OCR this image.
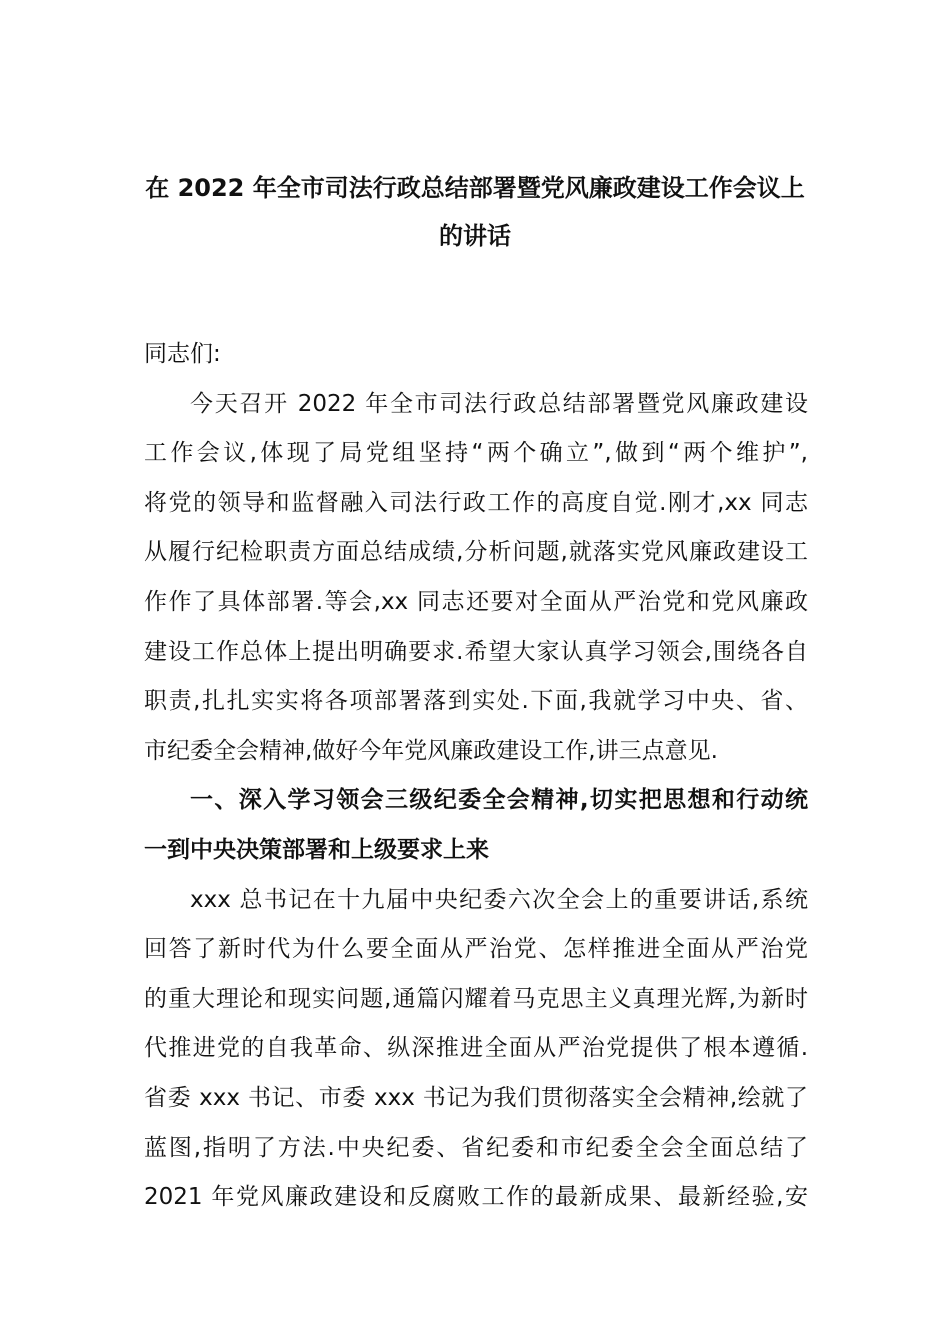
在 2022 年全市司法行政总结部署暨党风廉政建设工作会议上
的讲话
同志们:
今天召开 2022 年全市司法行政总结部署暨党风廉政建设
工作会议,体现了局党组坚持“两个确立”,做到“两个维护”,
将党的领导和监督融入司法行政工作的高度自觉.刚才,xx 同志
从履行纪检职责方面总结成绩,分析问题,就落实党风廉政建设工
作作了具体部署.等会,xx 同志还要对全面从严治党和党风廉政
建设工作总体上提出明确要求.希望大家认真学习领会,围绕各自
职责,扎扎实实将各项部署落到实处.下面,我就学习中央、省、
市纪委全会精神,做好今年党风廉政建设工作,讲三点意见.
一、深入学习领会三级纪委全会精神,切实把思想和行动统
一到中央决策部署和上级要求上来
xxx 总书记在十九届中央纪委六次全会上的重要讲话,系统
回答了新时代为什么要全面从严治党、怎样推进全面从严治党
的重大理论和现实问题,通篇闪耀着马克思主义真理光辉,为新时
代推进党的自我革命、纵深推进全面从严治党提供了根本遵循.
省委 xxx 书记、市委 xxx 书记为我们贯彻落实全会精神,绘就了
蓝图,指明了方法.中央纪委、省纪委和市纪委全会全面总结了
2021 年党风廉政建设和反腐败工作的最新成果、最新经验,安
